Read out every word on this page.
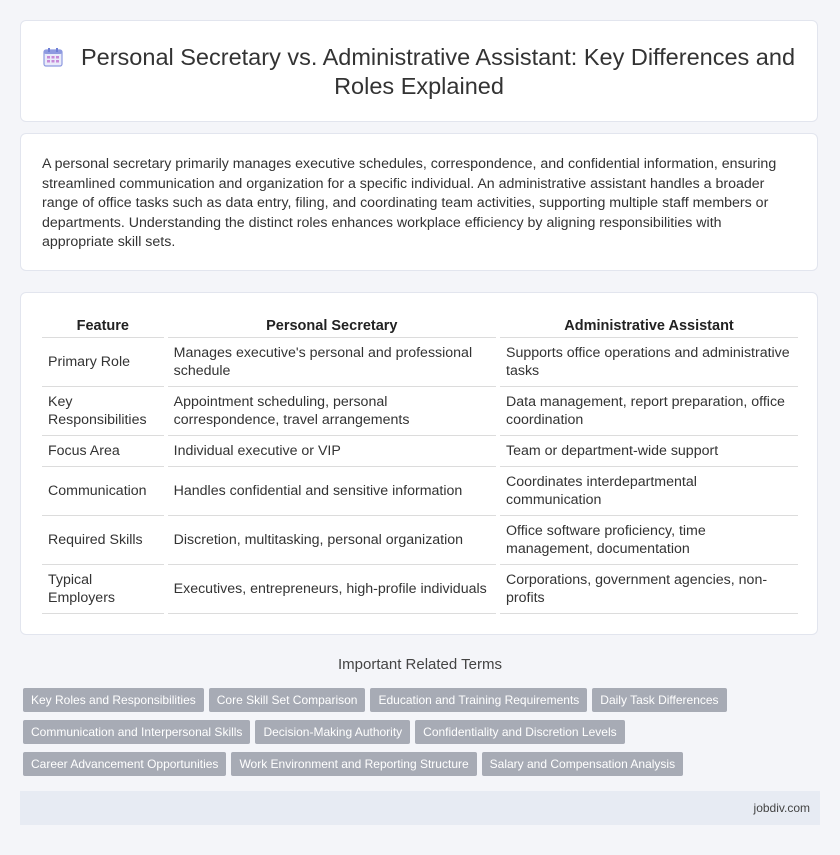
Personal Secretary vs. Administrative Assistant: Key Differences and Roles Explained
A personal secretary primarily manages executive schedules, correspondence, and confidential information, ensuring streamlined communication and organization for a specific individual. An administrative assistant handles a broader range of office tasks such as data entry, filing, and coordinating team activities, supporting multiple staff members or departments. Understanding the distinct roles enhances workplace efficiency by aligning responsibilities with appropriate skill sets.
Feature		Personal Secretary		Administrative Assistant
Primary Role		Manages executive's personal and professional schedule		Supports office operations and administrative tasks
Key Responsibilities		Appointment scheduling, personal correspondence, travel arrangements		Data management, report preparation, office coordination
Focus Area		Individual executive or VIP		Team or department-wide support
Communication		Handles confidential and sensitive information		Coordinates interdepartmental communication
Required Skills		Discretion, multitasking, personal organization		Office software proficiency, time management, documentation
Typical Employers		Executives, entrepreneurs, high-profile individuals		Corporations, government agencies, non-profits
Important Related Terms
Key Roles and Responsibilities Core Skill Set Comparison Education and Training Requirements Daily Task Differences
Communication and Interpersonal Skills Decision-Making Authority Confidentiality and Discretion Levels
Career Advancement Opportunities Work Environment and Reporting Structure Salary and Compensation Analysis
jobdiv.com
